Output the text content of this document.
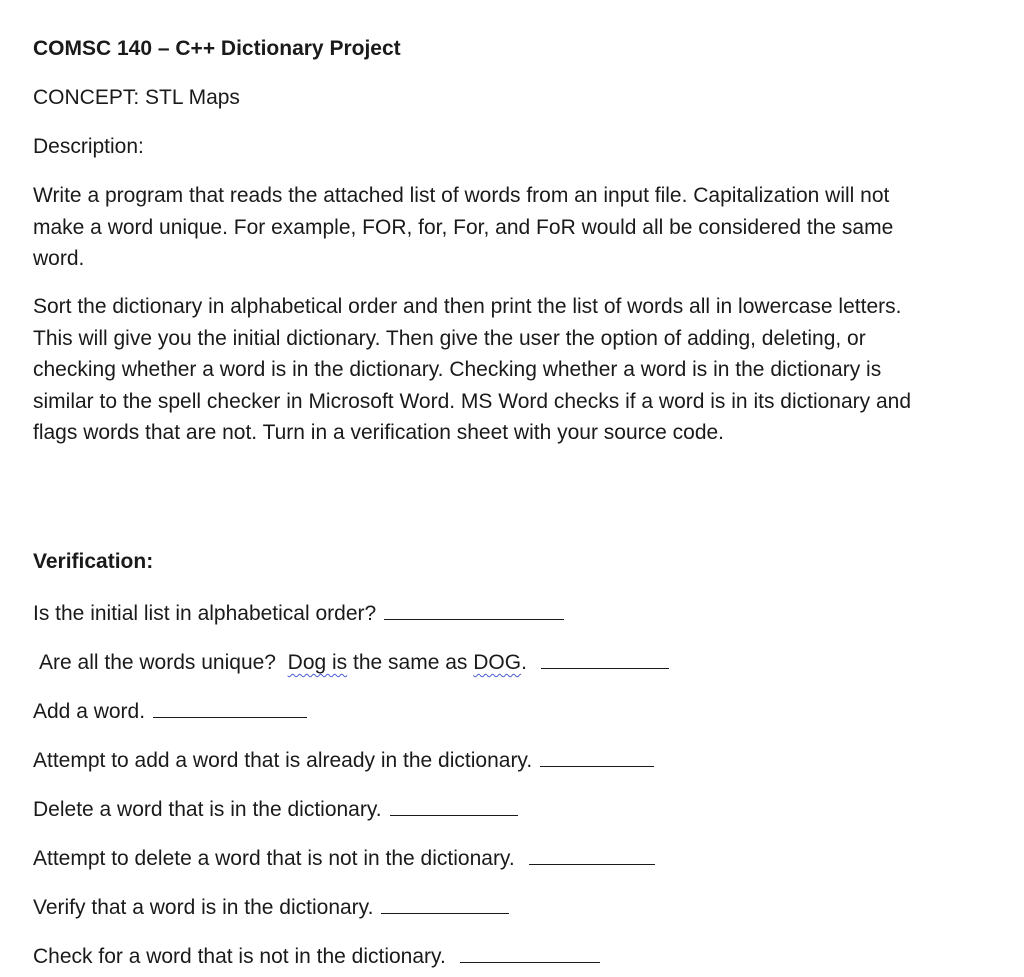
COMSC 140 – C++ Dictionary Project
CONCEPT: STL Maps
Description:
Write a program that reads the attached list of words from an input file. Capitalization will not make a word unique. For example, FOR, for, For, and FoR would all be considered the same word.
Sort the dictionary in alphabetical order and then print the list of words all in lowercase letters. This will give you the initial dictionary. Then give the user the option of adding, deleting, or checking whether a word is in the dictionary. Checking whether a word is in the dictionary is similar to the spell checker in Microsoft Word. MS Word checks if a word is in its dictionary and flags words that are not. Turn in a verification sheet with your source code.
Verification:
Is the initial list in alphabetical order?
Are all the words unique?  Dog is the same as DOG.
Add a word.
Attempt to add a word that is already in the dictionary.
Delete a word that is in the dictionary.
Attempt to delete a word that is not in the dictionary.
Verify that a word is in the dictionary.
Check for a word that is not in the dictionary.
